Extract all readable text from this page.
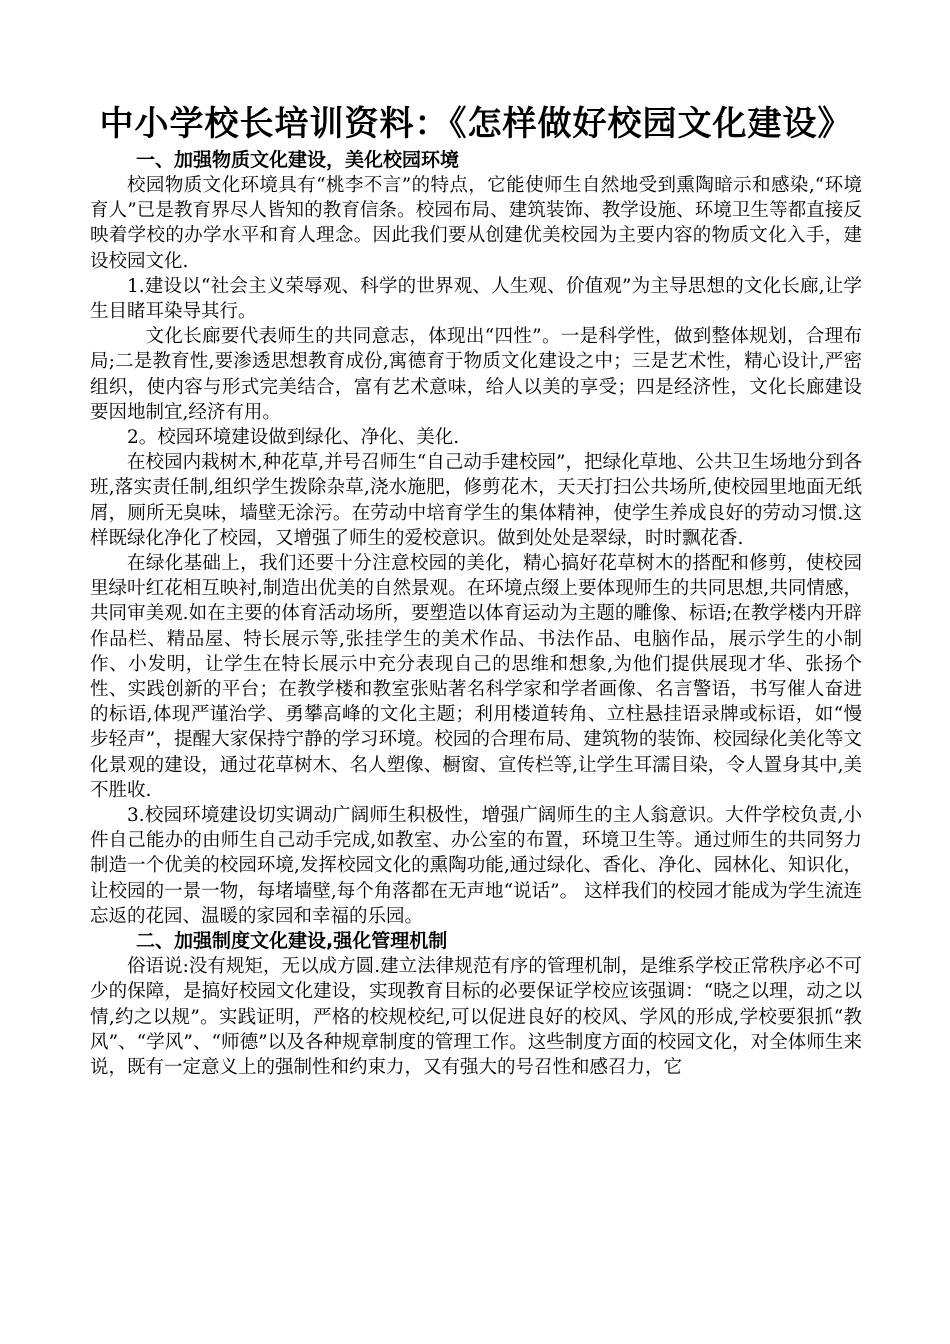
中小学校长培训资料：《怎样做好校园文化建设》
一、加强物质文化建设，美化校园环境

校园物质文化环境具有“桃李不言”的特点，它能使师生自然地受到熏陶暗示和感染,“环境育人”已是教育界尽人皆知的教育信条。校园布局、建筑装饰、教学设施、环境卫生等都直接反映着学校的办学水平和育人理念。因此我们要从创建优美校园为主要内容的物质文化入手，建设校园文化.

1.建设以“社会主义荣辱观、科学的世界观、人生观、价值观”为主导思想的文化长廊,让学生目睹耳染导其行。

文化长廊要代表师生的共同意志，体现出“四性”。一是科学性，做到整体规划，合理布局;二是教育性,要渗透思想教育成份,寓德育于物质文化建设之中；三是艺术性，精心设计,严密组织，使内容与形式完美结合，富有艺术意味，给人以美的享受；四是经济性，文化长廊建设要因地制宜,经济有用。

2。校园环境建设做到绿化、净化、美化.

在校园内栽树木,种花草,并号召师生“自己动手建校园”，把绿化草地、公共卫生场地分到各班,落实责任制,组织学生拨除杂草,浇水施肥，修剪花木，天天打扫公共场所,使校园里地面无纸屑，厕所无臭味，墙壁无涂污。在劳动中培育学生的集体精神，使学生养成良好的劳动习惯.这样既绿化净化了校园，又增强了师生的爱校意识。做到处处是翠绿，时时飘花香.

在绿化基础上，我们还要十分注意校园的美化，精心搞好花草树木的搭配和修剪，使校园里绿叶红花相互映衬,制造出优美的自然景观。在环境点缀上要体现师生的共同思想,共同情感，共同审美观.如在主要的体育活动场所，要塑造以体育运动为主题的雕像、标语;在教学楼内开辟作品栏、精品屋、特长展示等,张挂学生的美术作品、书法作品、电脑作品，展示学生的小制作、小发明，让学生在特长展示中充分表现自己的思维和想象,为他们提供展现才华、张扬个性、实践创新的平台；在教学楼和教室张贴著名科学家和学者画像、名言警语，书写催人奋进的标语,体现严谨治学、勇攀高峰的文化主题；利用楼道转角、立柱悬挂语录牌或标语，如“慢步轻声”，提醒大家保持宁静的学习环境。校园的合理布局、建筑物的装饰、校园绿化美化等文化景观的建设，通过花草树木、名人塑像、橱窗、宣传栏等,让学生耳濡目染，令人置身其中,美不胜收.

3.校园环境建设切实调动广阔师生积极性，增强广阔师生的主人翁意识。大件学校负责,小件自己能办的由师生自己动手完成,如教室、办公室的布置，环境卫生等。通过师生的共同努力制造一个优美的校园环境,发挥校园文化的熏陶功能,通过绿化、香化、净化、园林化、知识化，让校园的一景一物，每堵墙壁,每个角落都在无声地“说话”。 这样我们的校园才能成为学生流连忘返的花园、温暖的家园和幸福的乐园。

二、加强制度文化建设,强化管理机制

俗语说:没有规矩，无以成方圆.建立法律规范有序的管理机制，是维系学校正常秩序必不可少的保障，是搞好校园文化建设，实现教育目标的必要保证学校应该强调：“晓之以理，动之以情,约之以规”。实践证明，严格的校规校纪,可以促进良好的校风、学风的形成,学校要狠抓“教风”、“学风”、“师德”以及各种规章制度的管理工作。这些制度方面的校园文化，对全体师生来说，既有一定意义上的强制性和约束力，又有强大的号召性和感召力，它
